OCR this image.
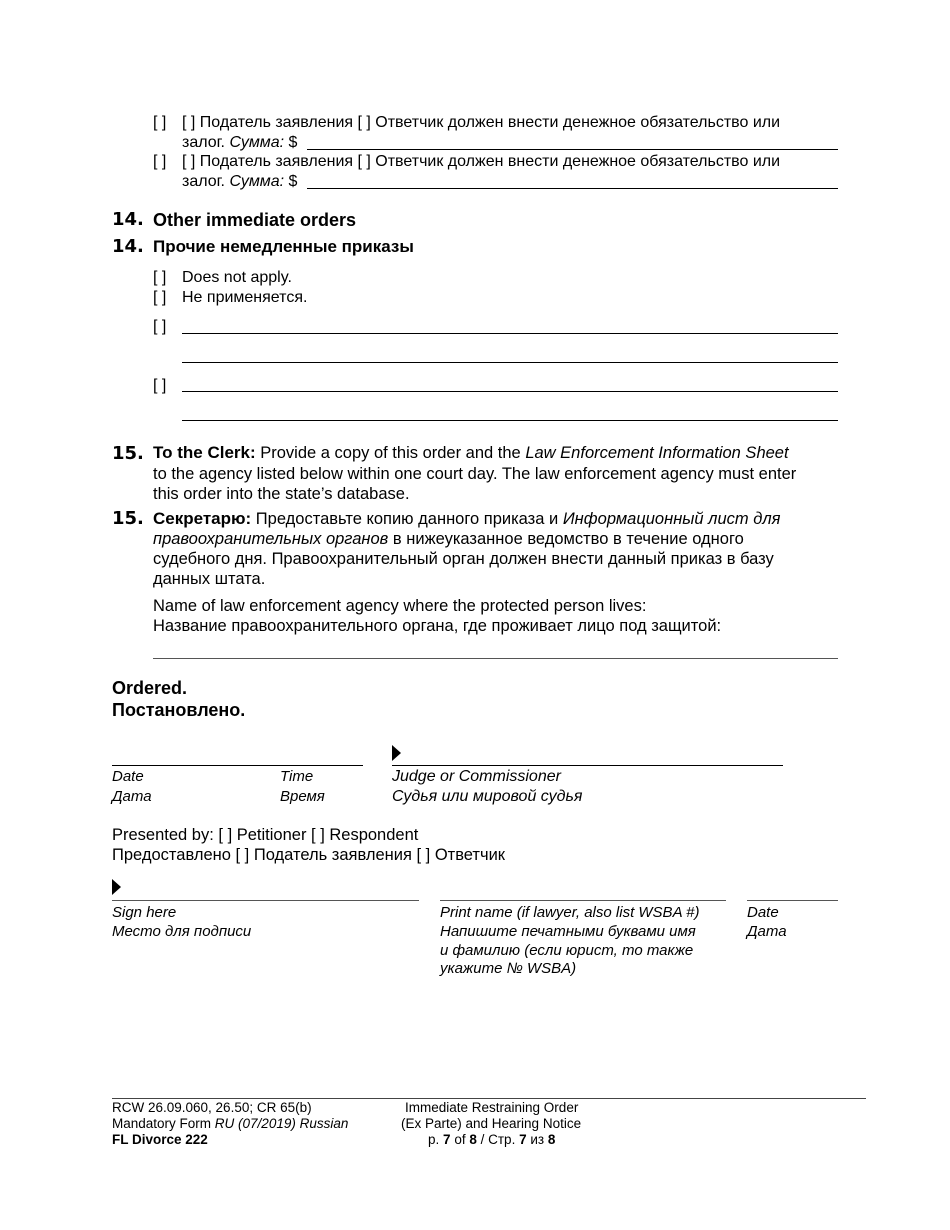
[ ] [ ] Податель заявления [ ] Ответчик должен внести денежное обязательство или
залог. Сумма: $
[ ] [ ] Податель заявления [ ] Ответчик должен внести денежное обязательство или
залог. Сумма: $
14. Other immediate orders
14. Прочие немедленные приказы
[ ] Does not apply.
[ ] Не применяется.
[ ]
[ ]
15. To the Clerk: Provide a copy of this order and the Law Enforcement Information Sheet
to the agency listed below within one court day. The law enforcement agency must enter
this order into the state’s database.
15. Секретарю: Предоставьте копию данного приказа и Информационный лист для
правоохранительных органов в нижеуказанное ведомство в течение одного
судебного дня. Правоохранительный орган должен внести данный приказ в базу
данных штата.
Name of law enforcement agency where the protected person lives:
Название правоохранительного органа, где проживает лицо под защитой:
Ordered.
Постановлено.
Date
Дата
Time
Время
Judge or Commissioner
Судья или мировой судья
Presented by: [ ] Petitioner [ ] Respondent
Предоставлено [ ] Податель заявления [ ] Ответчик
Sign here
Место для подписи
Print name (if lawyer, also list WSBA #)
Напишите печатными буквами имя
и фамилию (если юрист, то также
укажите № WSBA)
Date
Дата
RCW 26.09.060, 26.50; CR 65(b)
Mandatory Form RU (07/2019) Russian
FL Divorce 222
Immediate Restraining Order
(Ex Parte) and Hearing Notice
p. 7 of 8 / Стр. 7 из 8
